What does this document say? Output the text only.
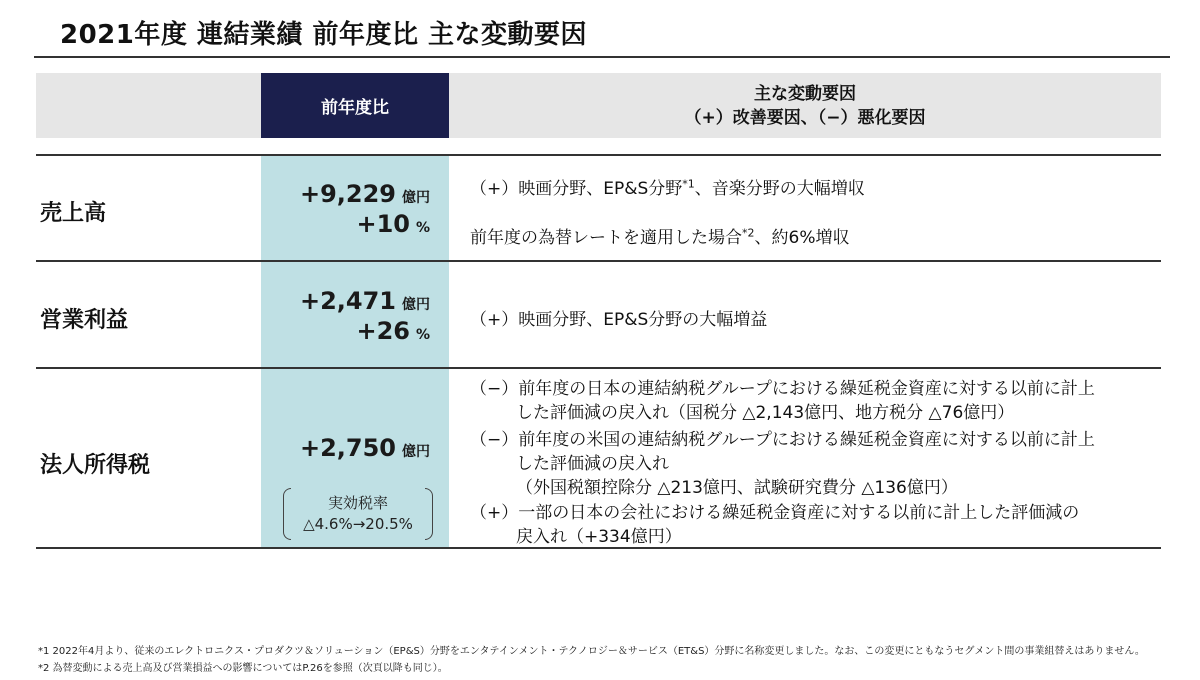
2021年度 連結業績 前年度比 主な変動要因
前年度比
主な変動要因
（+）改善要因、（−）悪化要因
売上高
+9,229 億円
+10 %
（+）映画分野、EP&S分野$^{*1}$、音楽分野の大幅増収
前年度の為替レートを適用した場合$^{*2}$、約6%増収
営業利益
+2,471 億円
+26 %
（+）映画分野、EP&S分野の大幅増益
法人所得税
+2,750 億円
実効税率
△4.6%→20.5%
（−）前年度の日本の連結納税グループにおける繰延税金資産に対する以前に計上
した評価減の戻入れ（国税分 △2,143億円、地方税分 △76億円）
（−）前年度の米国の連結納税グループにおける繰延税金資産に対する以前に計上
した評価減の戻入れ
（外国税額控除分 △213億円、試験研究費分 △136億円）
（+）一部の日本の会社における繰延税金資産に対する以前に計上した評価減の
戻入れ（+334億円）
*1 2022年4月より、従来のエレクトロニクス・プロダクツ＆ソリューション（EP&S）分野をエンタテインメント・テクノロジー＆サービス（ET&S）分野に名称変更しました。なお、この変更にともなうセグメント間の事業組替えはありません。
*2 為替変動による売上高及び営業損益への影響についてはP.26を参照（次頁以降も同じ）。
